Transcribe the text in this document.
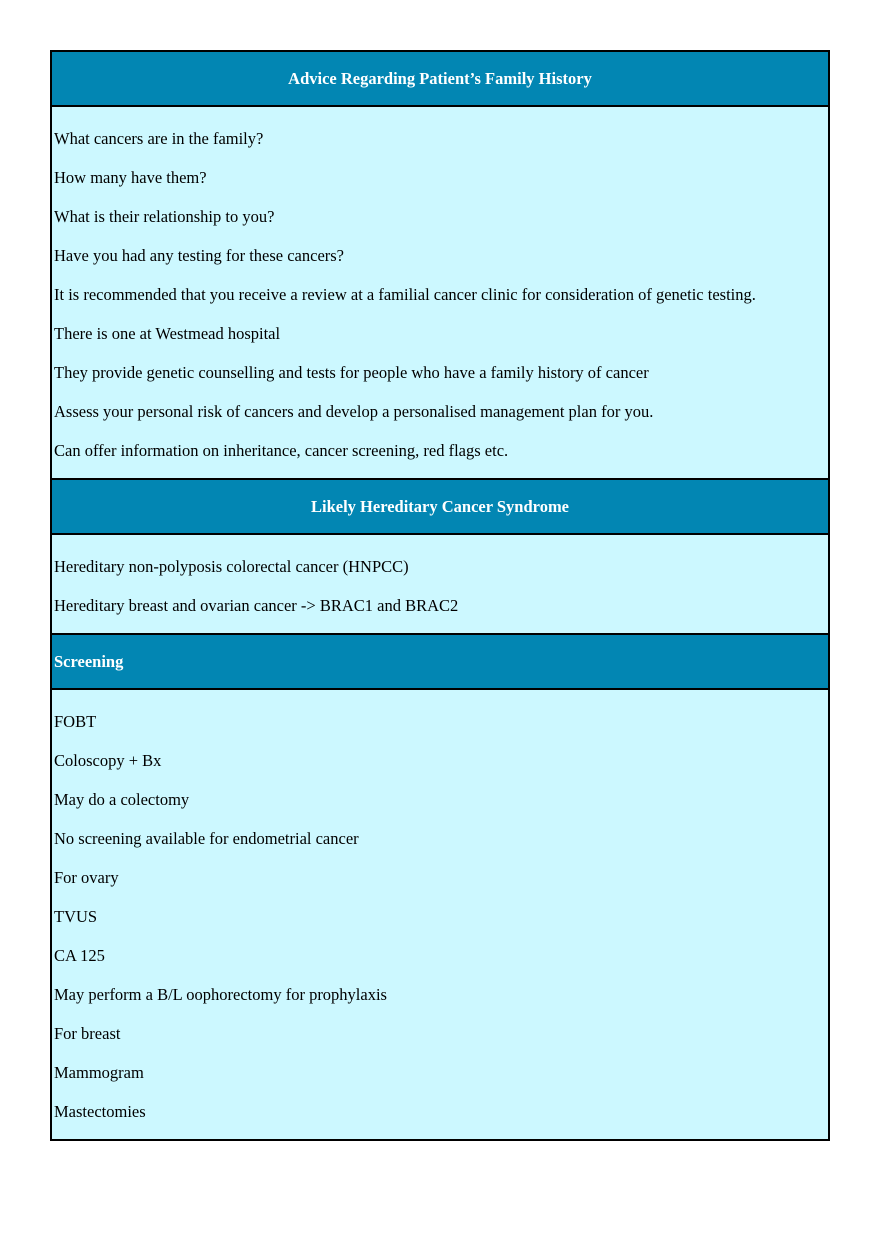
Advice Regarding Patient’s Family History
What cancers are in the family?
How many have them?
What is their relationship to you?
Have you had any testing for these cancers?
It is recommended that you receive a review at a familial cancer clinic for consideration of genetic testing.
There is one at Westmead hospital
They provide genetic counselling and tests for people who have a family history of cancer
Assess your personal risk of cancers and develop a personalised management plan for you.
Can offer information on inheritance, cancer screening, red flags etc.
Likely Hereditary Cancer Syndrome
Hereditary non-polyposis colorectal cancer (HNPCC)
Hereditary breast and ovarian cancer -> BRAC1 and BRAC2
Screening
FOBT
Coloscopy + Bx
May do a colectomy
No screening available for endometrial cancer
For ovary
TVUS
CA 125
May perform a B/L oophorectomy for prophylaxis
For breast
Mammogram
Mastectomies
